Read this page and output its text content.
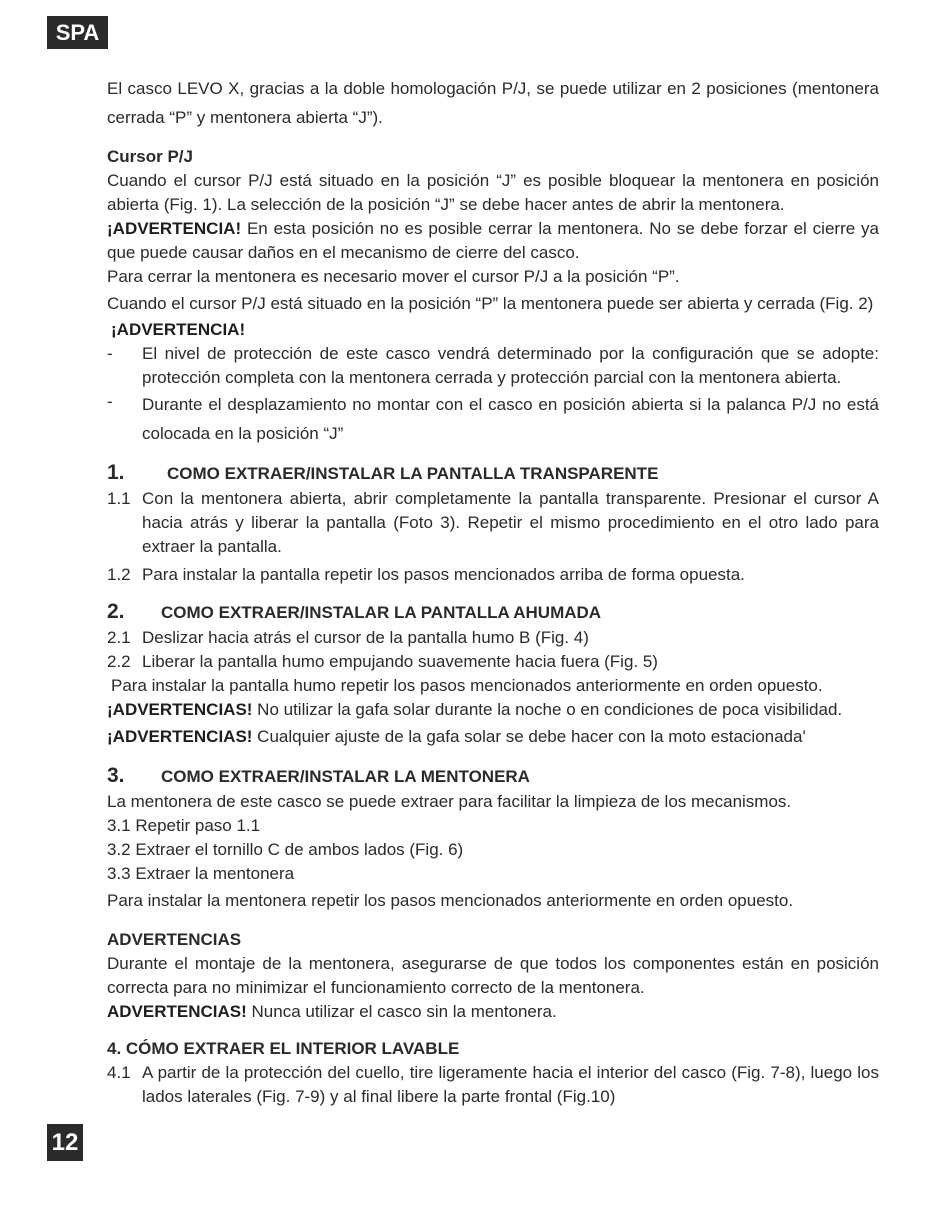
SPA

El casco LEVO X, gracias a la doble homologación P/J, se puede utilizar en 2 posiciones (mentonera cerrada “P” y mentonera abierta “J”).

Cursor P/J

Cuando el cursor P/J está situado en la posición “J” es posible bloquear la mentonera en posición abierta (Fig. 1). La selección de la posición “J” se debe hacer antes de abrir la mentonera.

¡ADVERTENCIA! En esta posición no es posible cerrar la mentonera. No se debe forzar el cierre ya que puede causar daños en el mecanismo de cierre del casco.

Para cerrar la mentonera es necesario mover el cursor P/J a la posición “P”.

Cuando el cursor P/J está situado en la posición “P” la mentonera puede ser abierta y cerrada (Fig. 2)

¡ADVERTENCIA!

-	El nivel de protección de este casco vendrá determinado por la configuración que se adopte: protección completa con la mentonera cerrada y protección parcial con la mentonera abierta.
-	Durante el desplazamiento no montar con el casco en posición abierta si la palanca P/J no está colocada en la posición “J”
1.	COMO EXTRAER/INSTALAR LA PANTALLA TRANSPARENTE
1.1 Con la mentonera abierta, abrir completamente la pantalla transparente. Presionar el cursor A hacia atrás y liberar la pantalla (Foto 3). Repetir el mismo procedimiento en el otro lado para extraer la pantalla.
1.2 Para instalar la pantalla repetir los pasos mencionados arriba de forma opuesta.
2.	COMO EXTRAER/INSTALAR LA PANTALLA AHUMADA
2.1 Deslizar hacia atrás el cursor de la pantalla humo B (Fig. 4)
2.2 Liberar la pantalla humo empujando suavemente hacia fuera (Fig. 5)

Para instalar la pantalla humo repetir los pasos mencionados anteriormente en orden opuesto.

¡ADVERTENCIAS! No utilizar la gafa solar durante la noche o en condiciones de poca visibilidad.

¡ADVERTENCIAS! Cualquier ajuste de la gafa solar se debe hacer con la moto estacionada'

3.	COMO EXTRAER/INSTALAR LA MENTONERA

La mentonera de este casco se puede extraer para facilitar la limpieza de los mecanismos.

3.1 Repetir paso 1.1

3.2 Extraer el tornillo C de ambos lados (Fig. 6)

3.3 Extraer la mentonera

Para instalar la mentonera repetir los pasos mencionados anteriormente en orden opuesto.

ADVERTENCIAS

Durante el montaje de la mentonera, asegurarse de que todos los componentes están en posición correcta para no minimizar el funcionamiento correcto de la mentonera.

ADVERTENCIAS! Nunca utilizar el casco sin la mentonera.

4. CÓMO EXTRAER EL INTERIOR LAVABLE
4.1 A partir de la protección del cuello, tire ligeramente hacia el interior del casco (Fig. 7-8), luego los lados laterales (Fig. 7-9) y al final libere la parte frontal (Fig.10)
12
